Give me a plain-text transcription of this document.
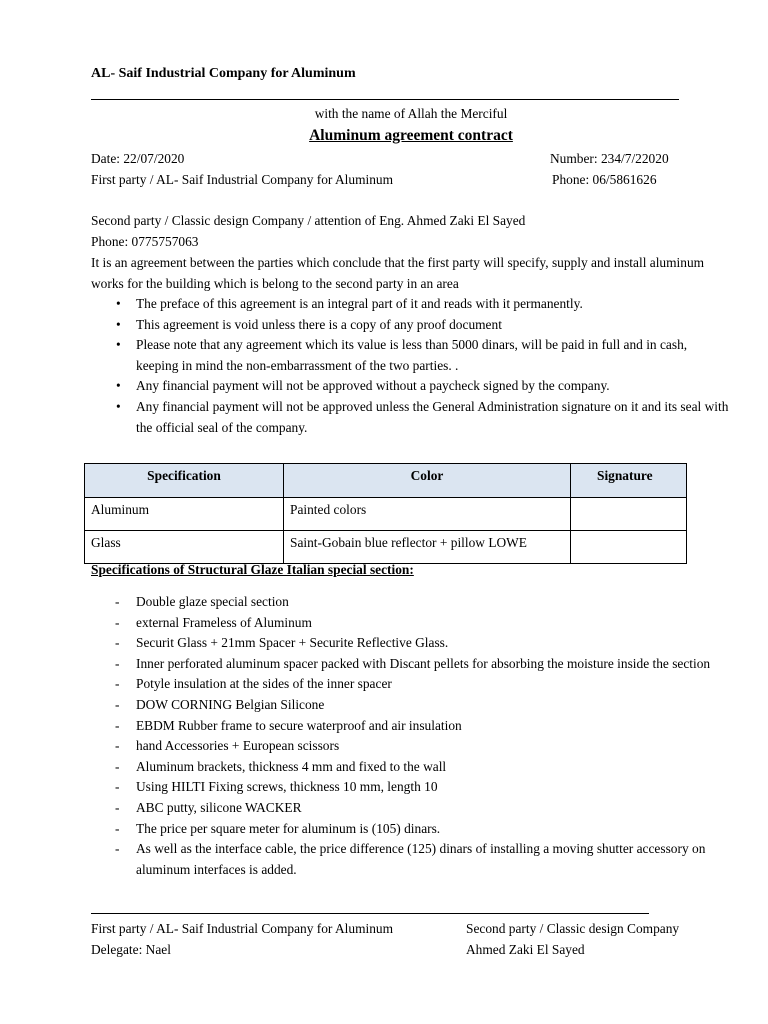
AL- Saif Industrial Company for Aluminum
with the name of Allah the Merciful
Aluminum agreement contract
Date: 22/07/2020	Number: 234/7/22020
First party / AL- Saif Industrial Company for Aluminum	Phone: 06/5861626
Second party / Classic design Company / attention of Eng. Ahmed Zaki El Sayed
Phone: 0775757063
It is an agreement between the parties which conclude that the first party will specify, supply and install aluminum works for the building which is belong to the second party in an area
• The preface of this agreement is an integral part of it and reads with it permanently.
• This agreement is void unless there is a copy of any proof document
• Please note that any agreement which its value is less than 5000 dinars, will be paid in full and in cash, keeping in mind the non-embarrassment of the two parties. .
• Any financial payment will not be approved without a paycheck signed by the company.
• Any financial payment will not be approved unless the General Administration signature on it and its seal with the official seal of the company.
Specification	Color	Signature
Aluminum	Painted colors	
Glass	Saint-Gobain blue reflector + pillow LOWE	
Specifications of Structural Glaze Italian special section:
- Double glaze special section
- external Frameless of Aluminum
- Securit Glass + 21mm Spacer + Securite Reflective Glass.
- Inner perforated aluminum spacer packed with Discant pellets for absorbing the moisture inside the section
- Potyle insulation at the sides of the inner spacer
- DOW CORNING Belgian Silicone
- EBDM Rubber frame to secure waterproof and air insulation
- hand Accessories + European scissors
- Aluminum brackets, thickness 4 mm and fixed to the wall
- Using HILTI Fixing screws, thickness 10 mm, length 10
- ABC putty, silicone WACKER
- The price per square meter for aluminum is (105) dinars.
- As well as the interface cable, the price difference (125) dinars of installing a moving shutter accessory on aluminum interfaces is added.
First party / AL- Saif Industrial Company for Aluminum
Delegate: Nael
Second party / Classic design Company
Ahmed Zaki El Sayed
